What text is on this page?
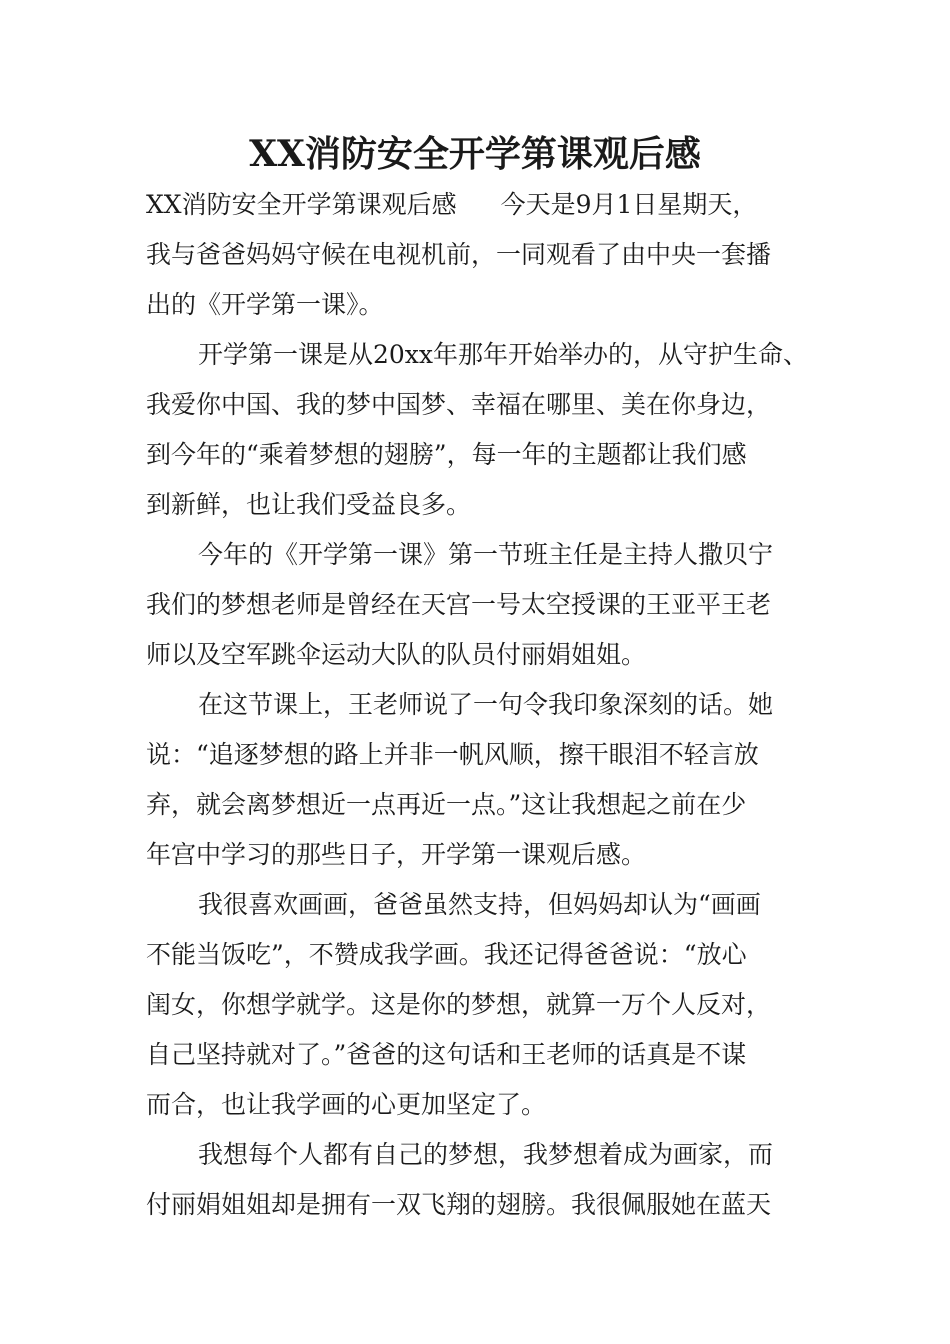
XX消防安全开学第课观后感

XX消防安全开学第课观后感 今天是9月1日星期天，
我与爸爸妈妈守候在电视机前，一同观看了由中央一套播
出的《开学第一课》。

开学第一课是从20xx年那年开始举办的，从守护生命、
我爱你中国、我的梦中国梦、幸福在哪里、美在你身边，
到今年的“乘着梦想的翅膀”，每一年的主题都让我们感
到新鲜，也让我们受益良多。

今年的《开学第一课》第一节班主任是主持人撒贝宁
我们的梦想老师是曾经在天宫一号太空授课的王亚平王老
师以及空军跳伞运动大队的队员付丽娟姐姐。

在这节课上，王老师说了一句令我印象深刻的话。她
说：“追逐梦想的路上并非一帆风顺，擦干眼泪不轻言放
弃，就会离梦想近一点再近一点。”这让我想起之前在少
年宫中学习的那些日子，开学第一课观后感。

我很喜欢画画，爸爸虽然支持，但妈妈却认为“画画
不能当饭吃”，不赞成我学画。我还记得爸爸说：“放心
闺女，你想学就学。这是你的梦想，就算一万个人反对，
自己坚持就对了。”爸爸的这句话和王老师的话真是不谋
而合，也让我学画的心更加坚定了。

我想每个人都有自己的梦想，我梦想着成为画家，而
付丽娟姐姐却是拥有一双飞翔的翅膀。我很佩服她在蓝天
